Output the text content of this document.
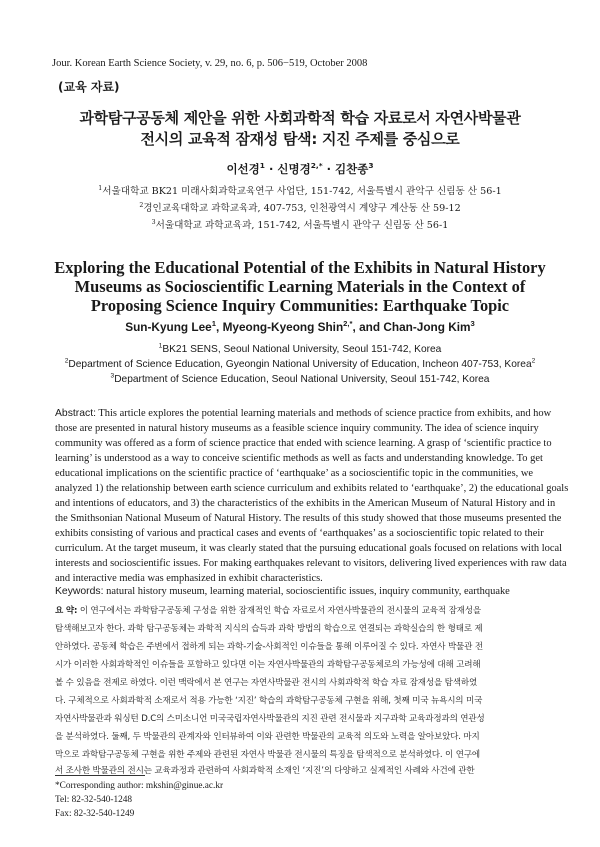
Jour. Korean Earth Science Society, v. 29, no. 6, p. 506−519, October 2008
(교육 자료)
과학탐구공동체 제안을 위한 사회과학적 학습 자료로서 자연사박물관
전시의 교육적 잠재성 탐색: 지진 주제를 중심으로
이선경$^1$ · 신명경$^{2,*}$ · 김찬종$^3$
$^1$서울대학교 BK21 미래사회과학교육연구 사업단, 151-742, 서울특별시 관악구 신림동 산 56-1
$^2$경인교육대학교 과학교육과, 407-753, 인천광역시 계양구 계산동 산 59-12
$^3$서울대학교 과학교육과, 151-742, 서울특별시 관악구 신림동 산 56-1
Exploring the Educational Potential of the Exhibits in Natural History
Museums as Socioscientific Learning Materials in the Context of
Proposing Science Inquiry Communities: Earthquake Topic
Sun-Kyung Lee$^1$, Myeong-Kyeong Shin$^{2,*}$, and Chan-Jong Kim$^3$
$^1$BK21 SENS, Seoul National University, Seoul 151-742, Korea
$^2$Department of Science Education, Gyeongin National University of Education, Incheon 407-753, Korea$^2$
$^3$Department of Science Education, Seoul National University, Seoul 151-742, Korea
Abstract: This article explores the potential learning materials and methods of science practice from exhibits, and how
those are presented in natural history museums as a feasible science inquiry community. The idea of science inquiry
community was offered as a form of science practice that ended with science learning. A grasp of ‘scientific practice to
learning’ is understood as a way to conceive scientific methods as well as facts and understanding knowledge. To get
educational implications on the scientific practice of ‘earthquake’ as a socioscientific topic in the communities, we
analyzed 1) the relationship between earth science curriculum and exhibits related to ‘earthquake’, 2) the educational goals
and intentions of educators, and 3) the characteristics of the exhibits in the American Museum of Natural History and in
the Smithsonian National Museum of Natural History. The results of this study showed that those museums presented the
exhibits consisting of various and practical cases and events of ‘earthquakes’ as a socioscientific topic related to their
curriculum. At the target museum, it was clearly stated that the pursuing educational goals focused on relations with local
interests and socioscientific issues. For making earthquakes relevant to visitors, delivering lived experiences with raw data
and interactive media was emphasized in exhibit characteristics.
Keywords: natural history museum, learning material, socioscientific issues, inquiry community, earthquake
요 약: 이 연구에서는 과학탐구공동체 구성을 위한 잠재적인 학습 자료로서 자연사박물관의 전시물의 교육적 잠재성을
탐색해보고자 한다. 과학 탐구공동체는 과학적 지식의 습득과 과학 방법의 학습으로 연결되는 과학실습의 한 형태로 제
안하였다. 공동체 학습은 주변에서 접하게 되는 과학-기술-사회적인 이슈들을 통해 이루어질 수 있다. 자연사 박물관 전
시가 이러한 사회과학적인 이슈들을 포함하고 있다면 이는 자연사박물관의 과학탐구공동체로의 가능성에 대해 고려해
볼 수 있음을 전제로 하였다. 이런 맥락에서 본 연구는 자연사박물관 전시의 사회과학적 학습 자료 잠재성을 탐색하였
다. 구체적으로 사회과학적 소재로서 적용 가능한 ‘지진’ 학습의 과학탐구공동체 구현을 위해, 첫째 미국 뉴욕시의 미국
자연사박물관과 워싱턴 D.C의 스미소니언 미국국립자연사박물관의 지진 관련 전시물과 지구과학 교육과정과의 연관성
을 분석하였다. 둘째, 두 박물관의 관계자와 인터뷰하여 이와 관련한 박물관의 교육적 의도와 노력을 알아보았다. 마지
막으로 과학탐구공동체 구현을 위한 주제와 관련된 자연사 박물관 전시물의 특징을 탐색적으로 분석하였다. 이 연구에
서 조사한 박물관의 전시는 교육과정과 관련하여 사회과학적 소재인 ‘지진’의 다양하고 실제적인 사례와 사건에 관한
*Corresponding author: mkshin@ginue.ac.kr
Tel: 82-32-540-1248
Fax: 82-32-540-1249
